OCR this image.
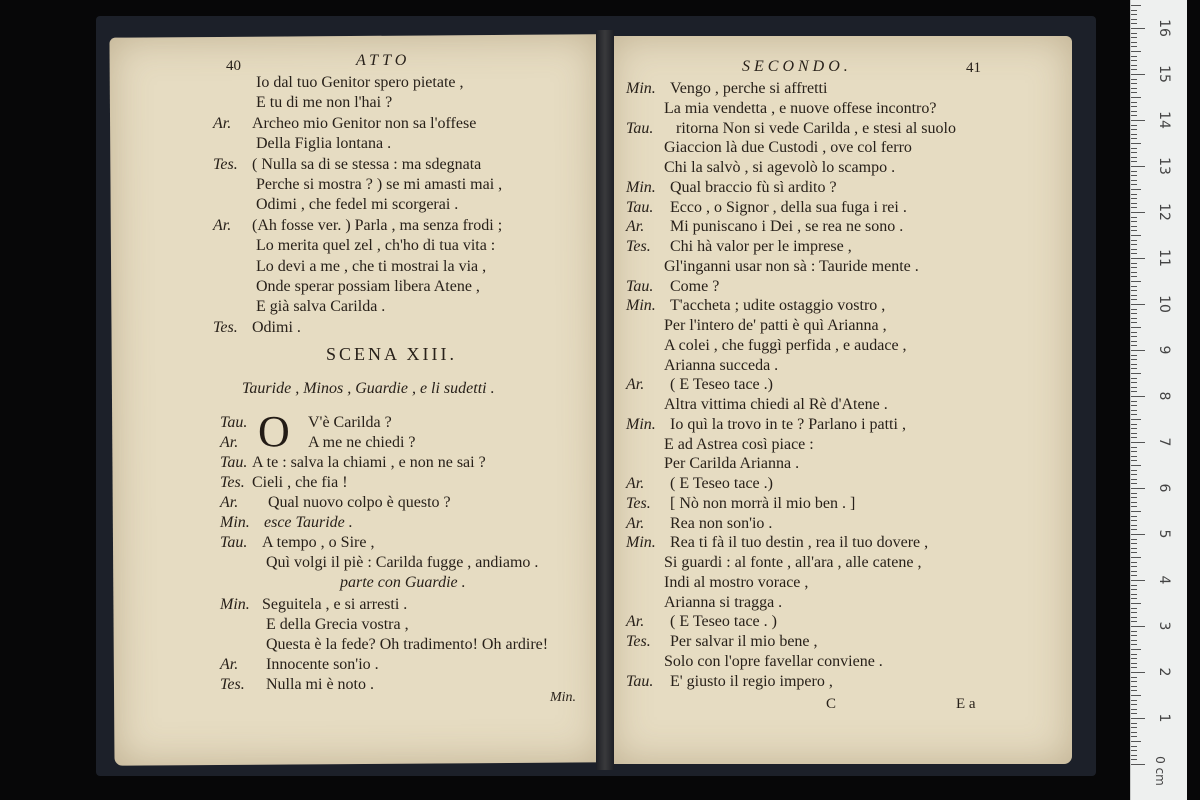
40	ATTO
Io dal tuo Genitor spero pietate ,
E tu di me non l'hai ?
Ar. Archeo mio Genitor non sa l'offese
Della Figlia lontana .
Tes. ( Nulla sa di se stessa : ma sdegnata
Perche si mostra ? ) se mi amasti mai ,
Odimi , che fedel mi scorgerai .
Ar. (Ah fosse ver. ) Parla , ma senza frodi ;
Lo merita quel zel , ch'ho di tua vita :
Lo devi a me , che ti mostrai la via ,
Onde sperar possiam libera Atene ,
E già salva Carilda .
Tes. Odimi .
SCENA XIII.
Tauride , Minos , Guardie , e li sudetti .
O
Tau.	V'è Carilda ?
Ar.	A me ne chiedi ?
Tau. A te : salva la chiami , e non ne sai ?
Tes. Cieli , che fia !
Ar. Qual nuovo colpo è questo ?
Min. esce Tauride .
Tau. A tempo , o Sire ,
Quì volgi il piè : Carilda fugge , andiamo .
parte con Guardie .
Min. Seguitela , e si arresti .
E della Grecia vostra ,
Questa è la fede? Oh tradimento! Oh ardire!
Ar. Innocente son'io .
Tes. Nulla mi è noto .
Min.
SECONDO.	41
Min. Vengo , perche si affretti
La mia vendetta , e nuove offese incontro?
Tau. ritorna Non si vede Carilda , e stesi al suolo
Giaccion là due Custodi , ove col ferro
Chi la salvò , si agevolò lo scampo .
Min. Qual braccio fù sì ardito ?
Tau. Ecco , o Signor , della sua fuga i rei .
Ar. Mi puniscano i Dei , se rea ne sono .
Tes. Chi hà valor per le imprese ,
Gl'inganni usar non sà : Tauride mente .
Tau. Come ?
Min. T'accheta ; udite ostaggio vostro ,
Per l'intero de' patti è quì Arianna ,
A colei , che fuggì perfida , e audace ,
Arianna succeda .
Ar. ( E Teseo tace .)
Altra vittima chiedi al Rè d'Atene .
Min. Io quì la trovo in te ? Parlano i patti ,
E ad Astrea così piace :
Per Carilda Arianna .
Ar. ( E Teseo tace .)
Tes. [ Nò non morrà il mio ben . ]
Ar. Rea non son'io .
Min. Rea ti fà il tuo destin , rea il tuo dovere ,
Si guardi : al fonte , all'ara , alle catene ,
Indi al mostro vorace ,
Arianna si tragga .
Ar. ( E Teseo tace . )
Tes. Per salvar il mio bene ,
Solo con l'opre favellar conviene .
Tau. E' giusto il regio impero ,
C	E a
1
2
3
4
5
6
7
8
9
10
11
12
13
14
15
16
0 cm
